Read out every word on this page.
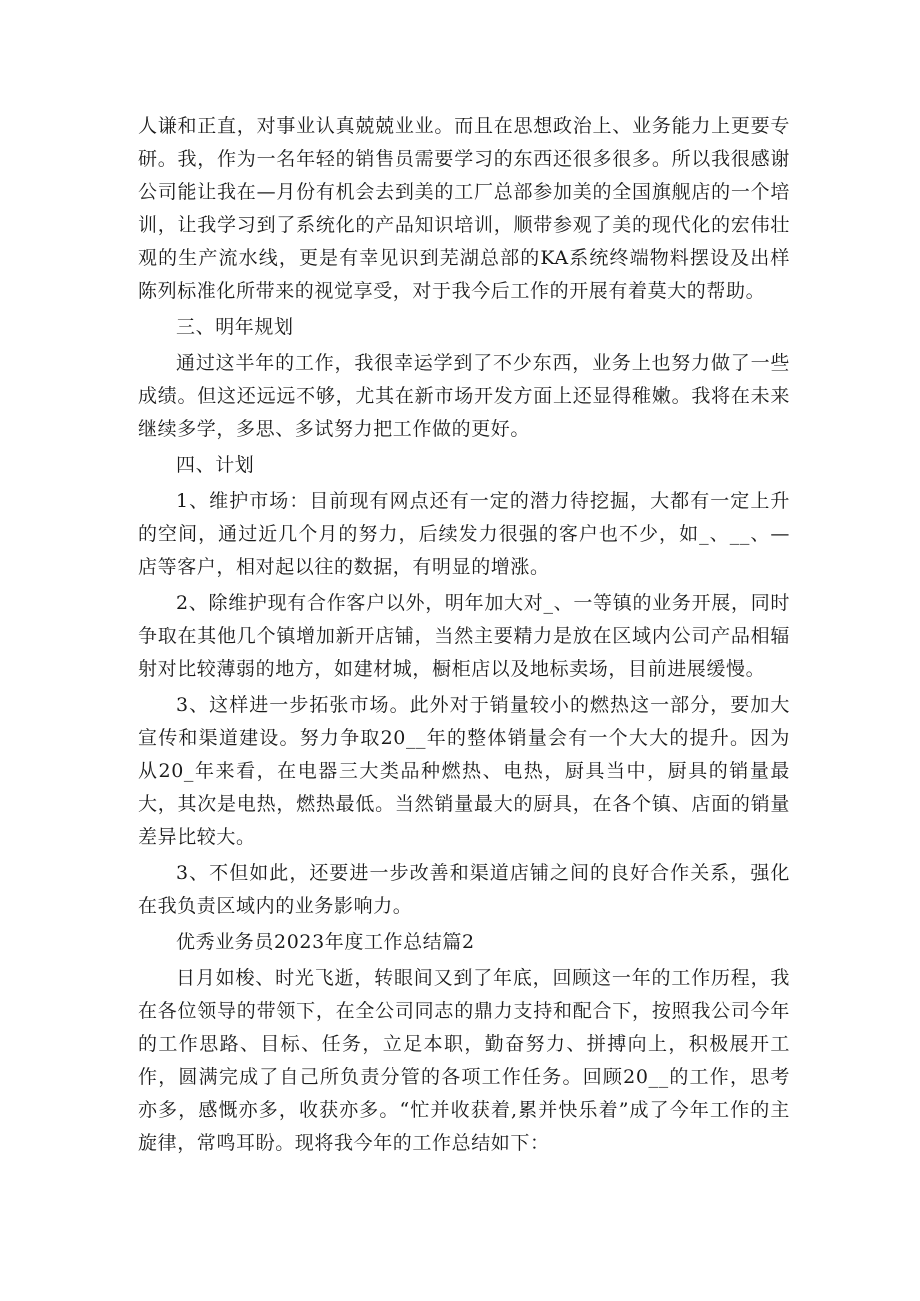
人谦和正直，对事业认真兢兢业业。而且在思想政治上、业务能力上更要专研。我，作为一名年轻的销售员需要学习的东西还很多很多。所以我很感谢公司能让我在—月份有机会去到美的工厂总部参加美的全国旗舰店的一个培训，让我学习到了系统化的产品知识培训，顺带参观了美的现代化的宏伟壮观的生产流水线，更是有幸见识到芜湖总部的KA系统终端物料摆设及出样陈列标准化所带来的视觉享受，对于我今后工作的开展有着莫大的帮助。

三、明年规划

通过这半年的工作，我很幸运学到了不少东西，业务上也努力做了一些成绩。但这还远远不够，尤其在新市场开发方面上还显得稚嫩。我将在未来继续多学，多思、多试努力把工作做的更好。

四、计划

1、维护市场：目前现有网点还有一定的潜力待挖掘，大都有一定上升的空间，通过近几个月的努力，后续发力很强的客户也不少，如_、__、—店等客户，相对起以往的数据，有明显的增涨。

2、除维护现有合作客户以外，明年加大对_、一等镇的业务开展，同时争取在其他几个镇增加新开店铺，当然主要精力是放在区域内公司产品相辐射对比较薄弱的地方，如建材城，橱柜店以及地标卖场，目前进展缓慢。

3、这样进一步拓张市场。此外对于销量较小的燃热这一部分，要加大宣传和渠道建设。努力争取20__年的整体销量会有一个大大的提升。因为从20_年来看，在电器三大类品种燃热、电热，厨具当中，厨具的销量最大，其次是电热，燃热最低。当然销量最大的厨具，在各个镇、店面的销量差异比较大。

3、不但如此，还要进一步改善和渠道店铺之间的良好合作关系，强化在我负责区域内的业务影响力。

优秀业务员2023年度工作总结篇2

日月如梭、时光飞逝，转眼间又到了年底，回顾这一年的工作历程，我在各位领导的带领下，在全公司同志的鼎力支持和配合下，按照我公司今年的工作思路、目标、任务，立足本职，勤奋努力、拼搏向上，积极展开工作，圆满完成了自己所负责分管的各项工作任务。回顾20__的工作，思考亦多，感慨亦多，收获亦多。“忙并收获着,累并快乐着”成了今年工作的主旋律，常鸣耳盼。现将我今年的工作总结如下：
